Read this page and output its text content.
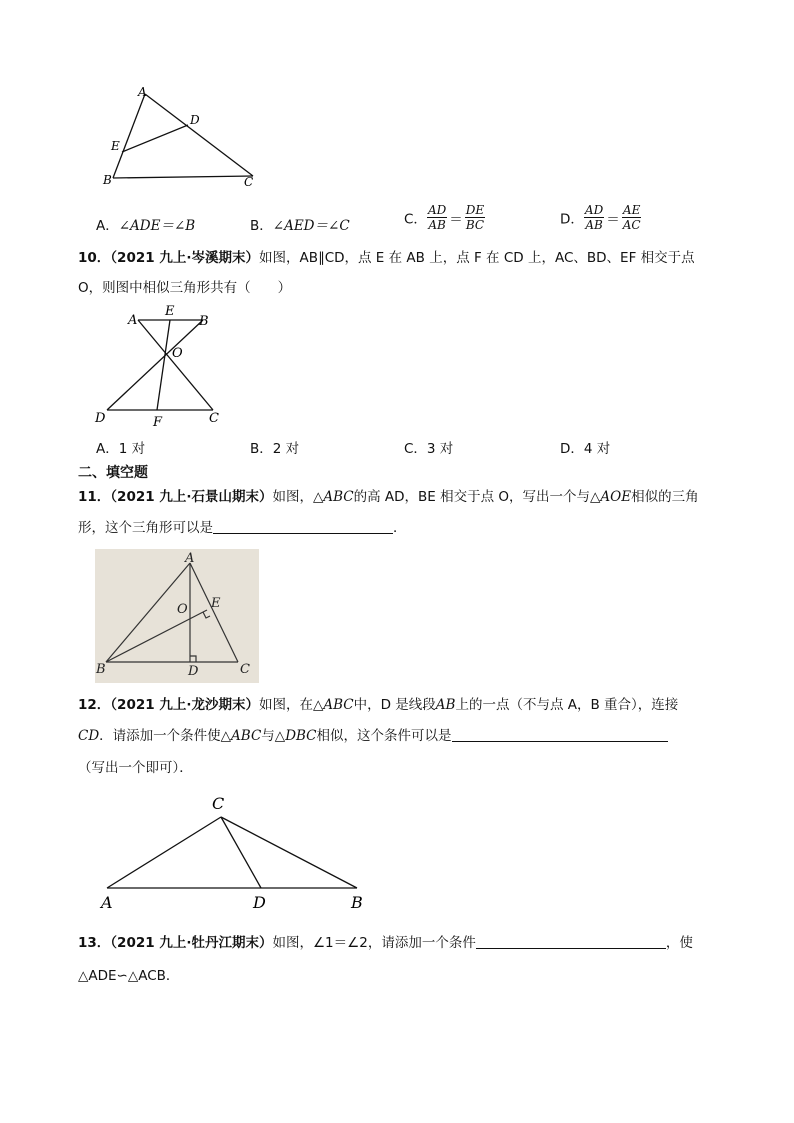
A
D
E
B	C
A．∠ADE＝∠B	B．∠AED＝∠C	C． $\frac{AD}{AB} = \frac{DE}{BC}$	D． $\frac{AD}{AB} = \frac{AE}{AC}$
10．（2021 九上·岑溪期末）如图，AB∥CD，点 E 在 AB 上，点 F 在 CD 上，AC、BD、EF 相交于点
O，则图中相似三角形共有（　　）
A
E
B
O
D	F	C
A．1 对	B．2 对	C．3 对	D．4 对
二、填空题
11．（2021 九上·石景山期末）如图，△ABC的高 AD，BE 相交于点 O，写出一个与△AOE相似的三角
形，这个三角形可以是	．
A
E
O
B	D	C
12．（2021 九上·龙沙期末）如图，在△ABC中，D 是线段AB上的一点（不与点 A，B 重合），连接
CD．请添加一个条件使△ABC与△DBC相似，这个条件可以是
（写出一个即可）．
C
A	D	B
13．（2021 九上·牡丹江期末）如图，∠1＝∠2，请添加一个条件	，使
△ADE∽△ACB．
